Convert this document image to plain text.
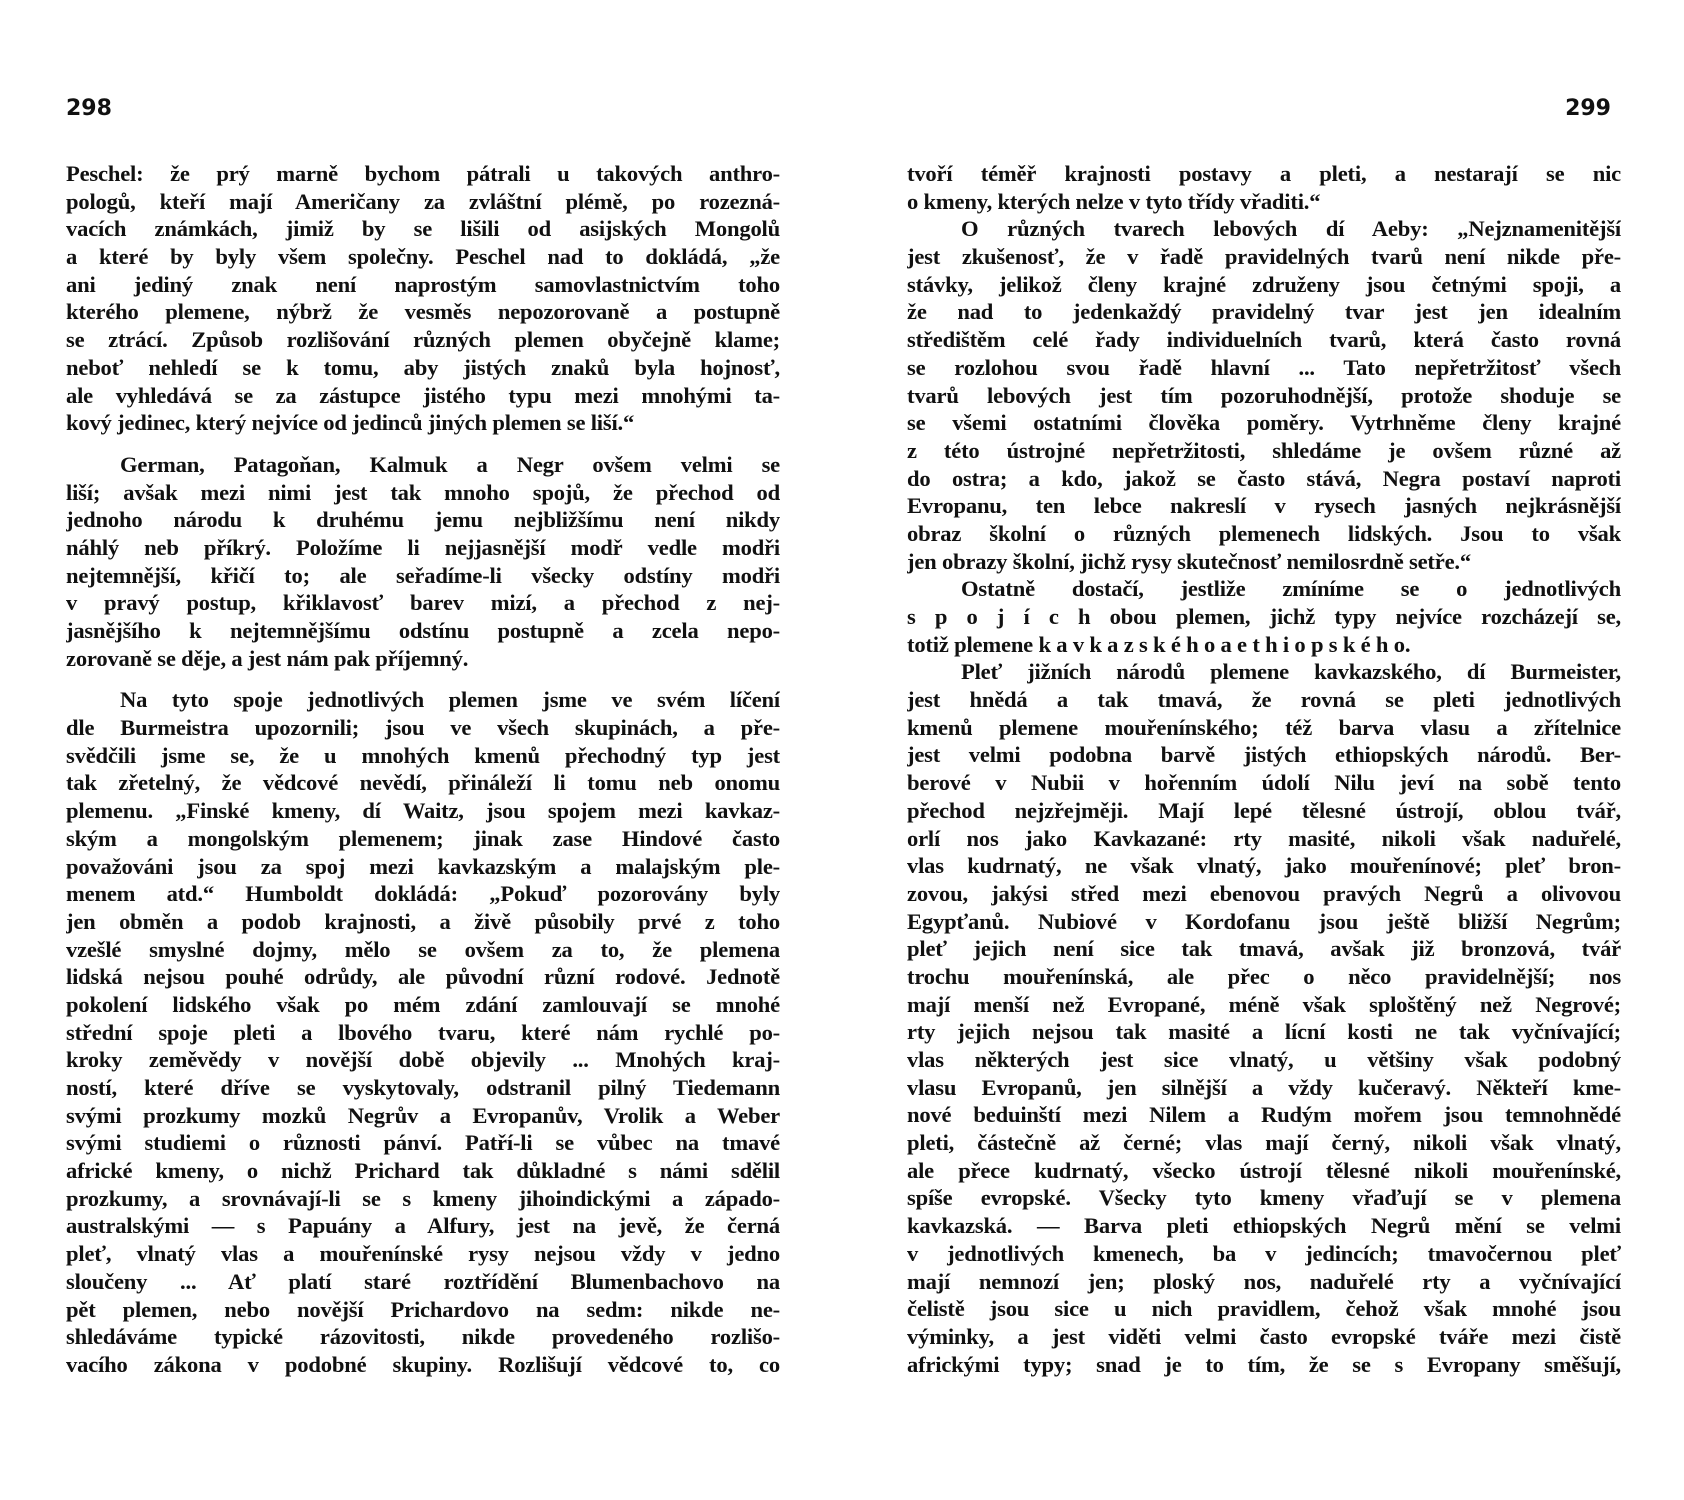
298
Peschel: že prý marně bychom pátrali u takových anthro-
pologů, kteří mají Američany za zvláštní plémě, po rozezná-
vacích známkách, jimiž by se lišili od asijských Mongolů
a které by byly všem společny. Peschel nad to dokládá, „že
ani jediný znak není naprostým samovlastnictvím toho
kterého plemene, nýbrž že vesměs nepozorovaně a postupně
se ztrácí. Způsob rozlišování různých plemen obyčejně klame;
neboť nehledí se k tomu, aby jistých znaků byla hojnosť,
ale vyhledává se za zástupce jistého typu mezi mnohými ta-
kový jedinec, který nejvíce od jedinců jiných plemen se liší.“
German, Patagoňan, Kalmuk a Negr ovšem velmi se
liší; avšak mezi nimi jest tak mnoho spojů, že přechod od
jednoho národu k druhému jemu nejbližšímu není nikdy
náhlý neb příkrý. Položíme li nejjasnější modř vedle modři
nejtemnější, křičí to; ale seřadíme-li všecky odstíny modři
v pravý postup, křiklavosť barev mizí, a přechod z nej-
jasnějšího k nejtemnějšímu odstínu postupně a zcela nepo-
zorovaně se děje, a jest nám pak příjemný.
Na tyto spoje jednotlivých plemen jsme ve svém líčení
dle Burmeistra upozornili; jsou ve všech skupinách, a pře-
svědčili jsme se, že u mnohých kmenů přechodný typ jest
tak zřetelný, že vědcové nevědí, přináleží li tomu neb onomu
plemenu. „Finské kmeny, dí Waitz, jsou spojem mezi kavkaz-
ským a mongolským plemenem; jinak zase Hindové často
považováni jsou za spoj mezi kavkazským a malajským ple-
menem atd.“ Humboldt dokládá: „Pokuď pozorovány byly
jen obměn a podob krajnosti, a živě působily prvé z toho
vzešlé smyslné dojmy, mělo se ovšem za to, že plemena
lidská nejsou pouhé odrůdy, ale původní různí rodové. Jednotě
pokolení lidského však po mém zdání zamlouvají se mnohé
střední spoje pleti a lbového tvaru, které nám rychlé po-
kroky zeměvědy v novější době objevily ... Mnohých kraj-
ností, které dříve se vyskytovaly, odstranil pilný Tiedemann
svými prozkumy mozků Negrův a Evropanův, Vrolik a Weber
svými studiemi o různosti pánví. Patří-li se vůbec na tmavé
africké kmeny, o nichž Prichard tak důkladné s námi sdělil
prozkumy, a srovnávají-li se s kmeny jihoindickými a západo-
australskými — s Papuány a Alfury, jest na jevě, že černá
pleť, vlnatý vlas a mouřenínské rysy nejsou vždy v jedno
sloučeny ... Ať platí staré roztřídění Blumenbachovo na
pět plemen, nebo novější Prichardovo na sedm: nikde ne-
shledáváme typické rázovitosti, nikde provedeného rozlišo-
vacího zákona v podobné skupiny. Rozlišují vědcové to, co
299
tvoří téměř krajnosti postavy a pleti, a nestarají se nic
o kmeny, kterých nelze v tyto třídy vřaditi.“
O různých tvarech lebových dí Aeby: „Nejznamenitější
jest zkušenosť, že v řadě pravidelných tvarů není nikde pře-
stávky, jelikož členy krajné združeny jsou četnými spoji, a
že nad to jedenkaždý pravidelný tvar jest jen idealním
středištěm celé řady individuelních tvarů, která často rovná
se rozlohou svou řadě hlavní ... Tato nepřetržitosť všech
tvarů lebových jest tím pozoruhodnější, protože shoduje se
se všemi ostatními člověka poměry. Vytrhněme členy krajné
z této ústrojné nepřetržitosti, shledáme je ovšem různé až
do ostra; a kdo, jakož se často stává, Negra postaví naproti
Evropanu, ten lebce nakreslí v rysech jasných nejkrásnější
obraz školní o různých plemenech lidských. Jsou to však
jen obrazy školní, jichž rysy skutečnosť nemilosrdně setře.“
Ostatně dostačí, jestliže zmíníme se o jednotlivých
s p o j í c h obou plemen, jichž typy nejvíce rozcházejí se,
totiž plemene k a v k a z s k é h o a e t h i o p s k é h o.
Pleť jižních národů plemene kavkazského, dí Burmeister,
jest hnědá a tak tmavá, že rovná se pleti jednotlivých
kmenů plemene mouřenínského; též barva vlasu a zřítelnice
jest velmi podobna barvě jistých ethiopských národů. Ber-
berové v Nubii v hořenním údolí Nilu jeví na sobě tento
přechod nejzřejměji. Mají lepé tělesné ústrojí, oblou tvář,
orlí nos jako Kavkazané: rty masité, nikoli však naduřelé,
vlas kudrnatý, ne však vlnatý, jako mouřenínové; pleť bron-
zovou, jakýsi střed mezi ebenovou pravých Negrů a olivovou
Egypťanů. Nubiové v Kordofanu jsou ještě bližší Negrům;
pleť jejich není sice tak tmavá, avšak již bronzová, tvář
trochu mouřenínská, ale přec o něco pravidelnější; nos
mají menší než Evropané, méně však sploštěný než Negrové;
rty jejich nejsou tak masité a lícní kosti ne tak vyčnívající;
vlas některých jest sice vlnatý, u většiny však podobný
vlasu Evropanů, jen silnější a vždy kučeravý. Někteří kme-
nové beduinští mezi Nilem a Rudým mořem jsou temnohnědé
pleti, částečně až černé; vlas mají černý, nikoli však vlnatý,
ale přece kudrnatý, všecko ústrojí tělesné nikoli mouřenínské,
spíše evropské. Všecky tyto kmeny vřaďují se v plemena
kavkazská. — Barva pleti ethiopských Negrů mění se velmi
v jednotlivých kmenech, ba v jedincích; tmavočernou pleť
mají nemnozí jen; ploský nos, naduřelé rty a vyčnívající
čelistě jsou sice u nich pravidlem, čehož však mnohé jsou
výminky, a jest viděti velmi často evropské tváře mezi čistě
africkými typy; snad je to tím, že se s Evropany směšují,
